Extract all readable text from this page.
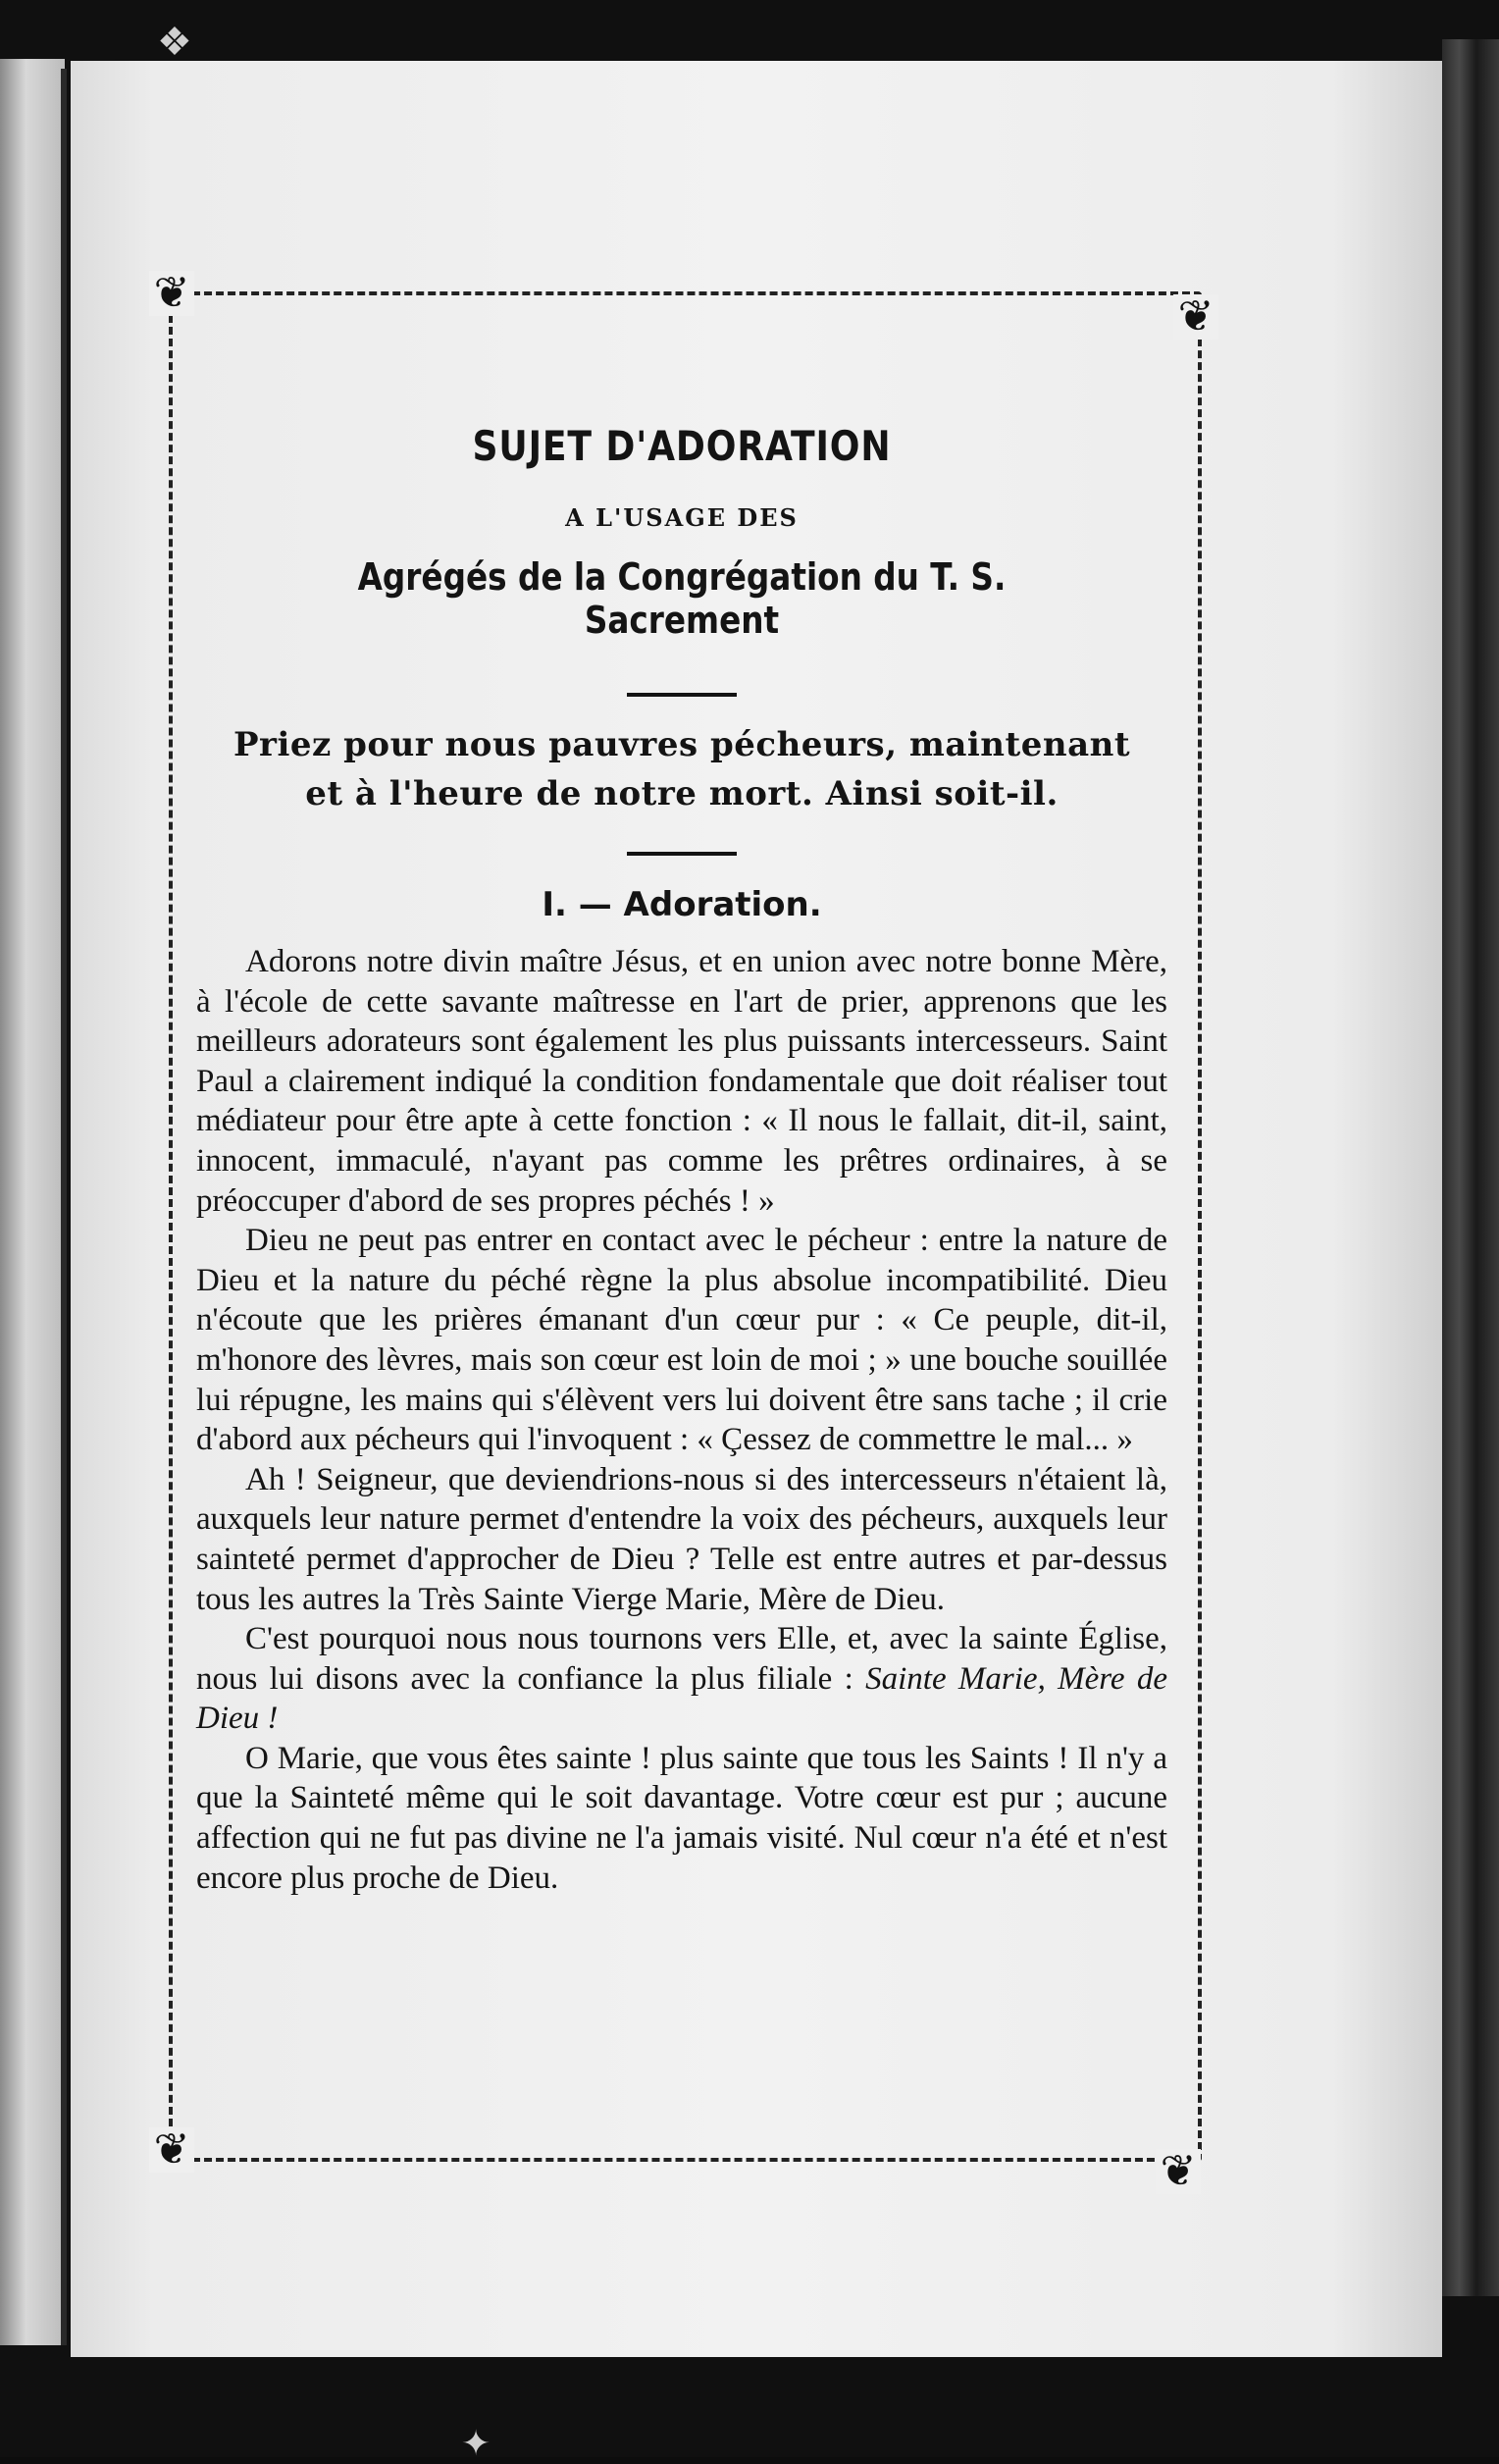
❖
✦
❦	❦
❦	❦
SUJET D'ADORATION
A L'USAGE DES
Agrégés de la Congrégation du T. S. Sacrement
Priez pour nous pauvres pécheurs, maintenant
et à l'heure de notre mort. Ainsi soit-il.
I. — Adoration.

Adorons notre divin maître Jésus, et en union avec notre bonne Mère, à l'école de cette savante maîtresse en l'art de prier, apprenons que les meilleurs adorateurs sont également les plus puissants intercesseurs. Saint Paul a clairement indiqué la condition fondamentale que doit réaliser tout médiateur pour être apte à cette fonction : « Il nous le fallait, dit-il, saint, innocent, immaculé, n'ayant pas comme les prêtres ordinaires, à se préoccuper d'abord de ses propres péchés ! »

Dieu ne peut pas entrer en contact avec le pécheur : entre la nature de Dieu et la nature du péché règne la plus absolue incompatibilité. Dieu n'écoute que les prières émanant d'un cœur pur : « Ce peuple, dit-il, m'honore des lèvres, mais son cœur est loin de moi ; » une bouche souillée lui répugne, les mains qui s'élèvent vers lui doivent être sans tache ; il crie d'abord aux pécheurs qui l'invoquent : « Çessez de commettre le mal... »

Ah ! Seigneur, que deviendrions-nous si des intercesseurs n'étaient là, auxquels leur nature permet d'entendre la voix des pécheurs, auxquels leur sainteté permet d'approcher de Dieu ? Telle est entre autres et par-dessus tous les autres la Très Sainte Vierge Marie, Mère de Dieu.

C'est pourquoi nous nous tournons vers Elle, et, avec la sainte Église, nous lui disons avec la confiance la plus filiale : Sainte Marie, Mère de Dieu !

O Marie, que vous êtes sainte ! plus sainte que tous les Saints ! Il n'y a que la Sainteté même qui le soit davantage. Votre cœur est pur ; aucune affection qui ne fut pas divine ne l'a jamais visité. Nul cœur n'a été et n'est encore plus proche de Dieu.
